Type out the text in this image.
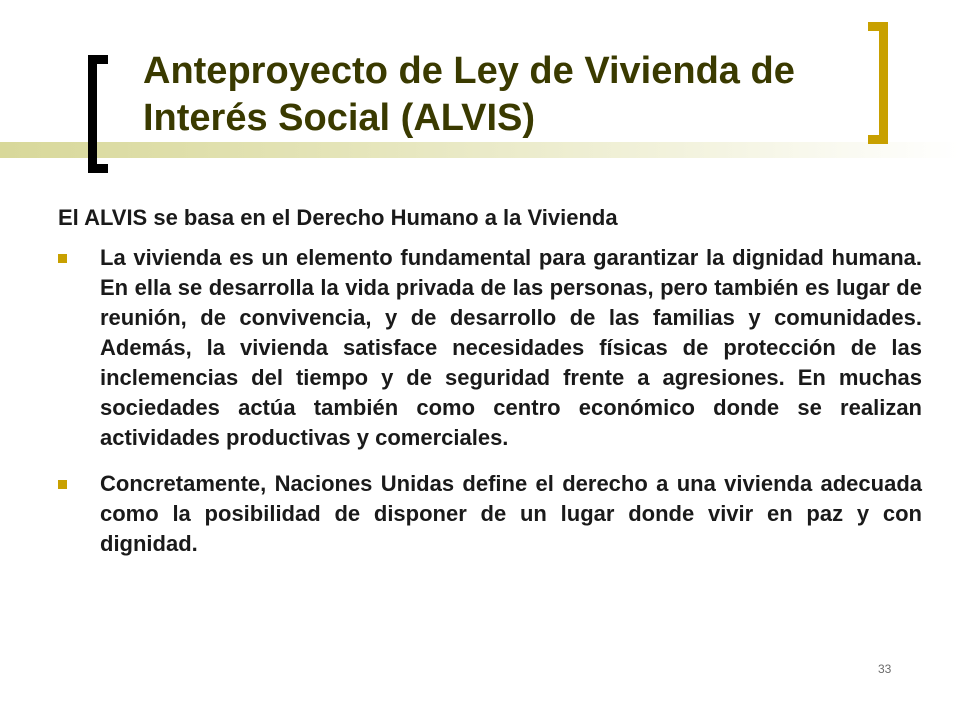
Anteproyecto de Ley de Vivienda de
Interés Social (ALVIS)

El ALVIS se basa en el Derecho Humano a la Vivienda

La vivienda es un elemento fundamental para garantizar la dignidad humana. En ella se desarrolla la vida privada de las personas, pero también es lugar de reunión, de convivencia, y de desarrollo de las familias y comunidades. Además, la vivienda satisface necesidades físicas de protección de las inclemencias del tiempo y de seguridad frente a agresiones. En muchas sociedades actúa también como centro económico donde se realizan actividades productivas y comerciales.
Concretamente, Naciones Unidas define el derecho a una vivienda adecuada como la posibilidad de disponer de un lugar donde vivir en paz y con dignidad.
33
